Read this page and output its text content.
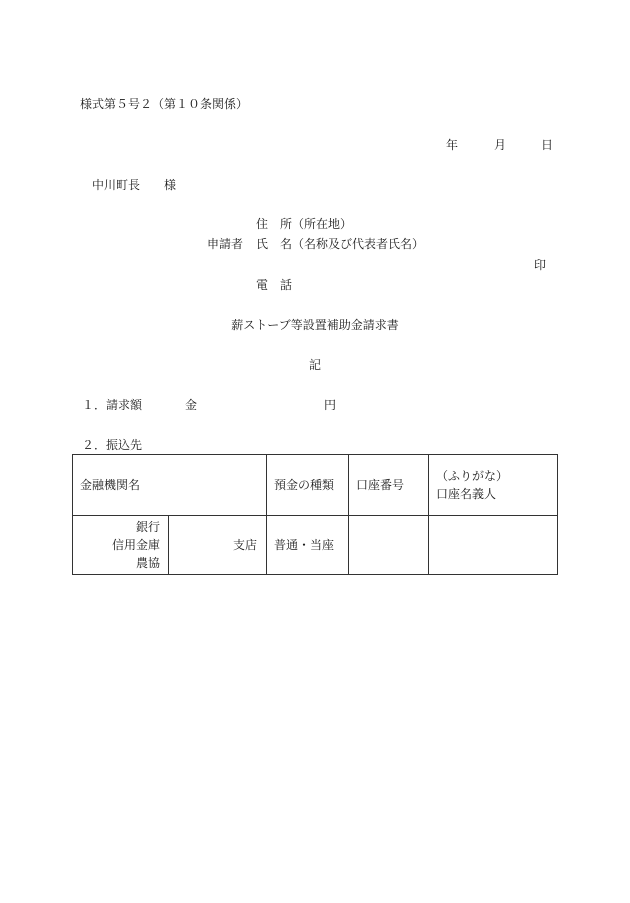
様式第５号２（第１０条関係）
年	月	日
中川町長　　様
住　所（所在地）
申請者 氏　名（名称及び代表者氏名）
印
電　話
薪ストーブ等設置補助金請求書
記
１．請求額	金	円
２．振込先
金融機関名		預金の種類	口座番号	（ふりがな）
口座名義人

銀行
信用金庫
農協	支店	普通・当座		
